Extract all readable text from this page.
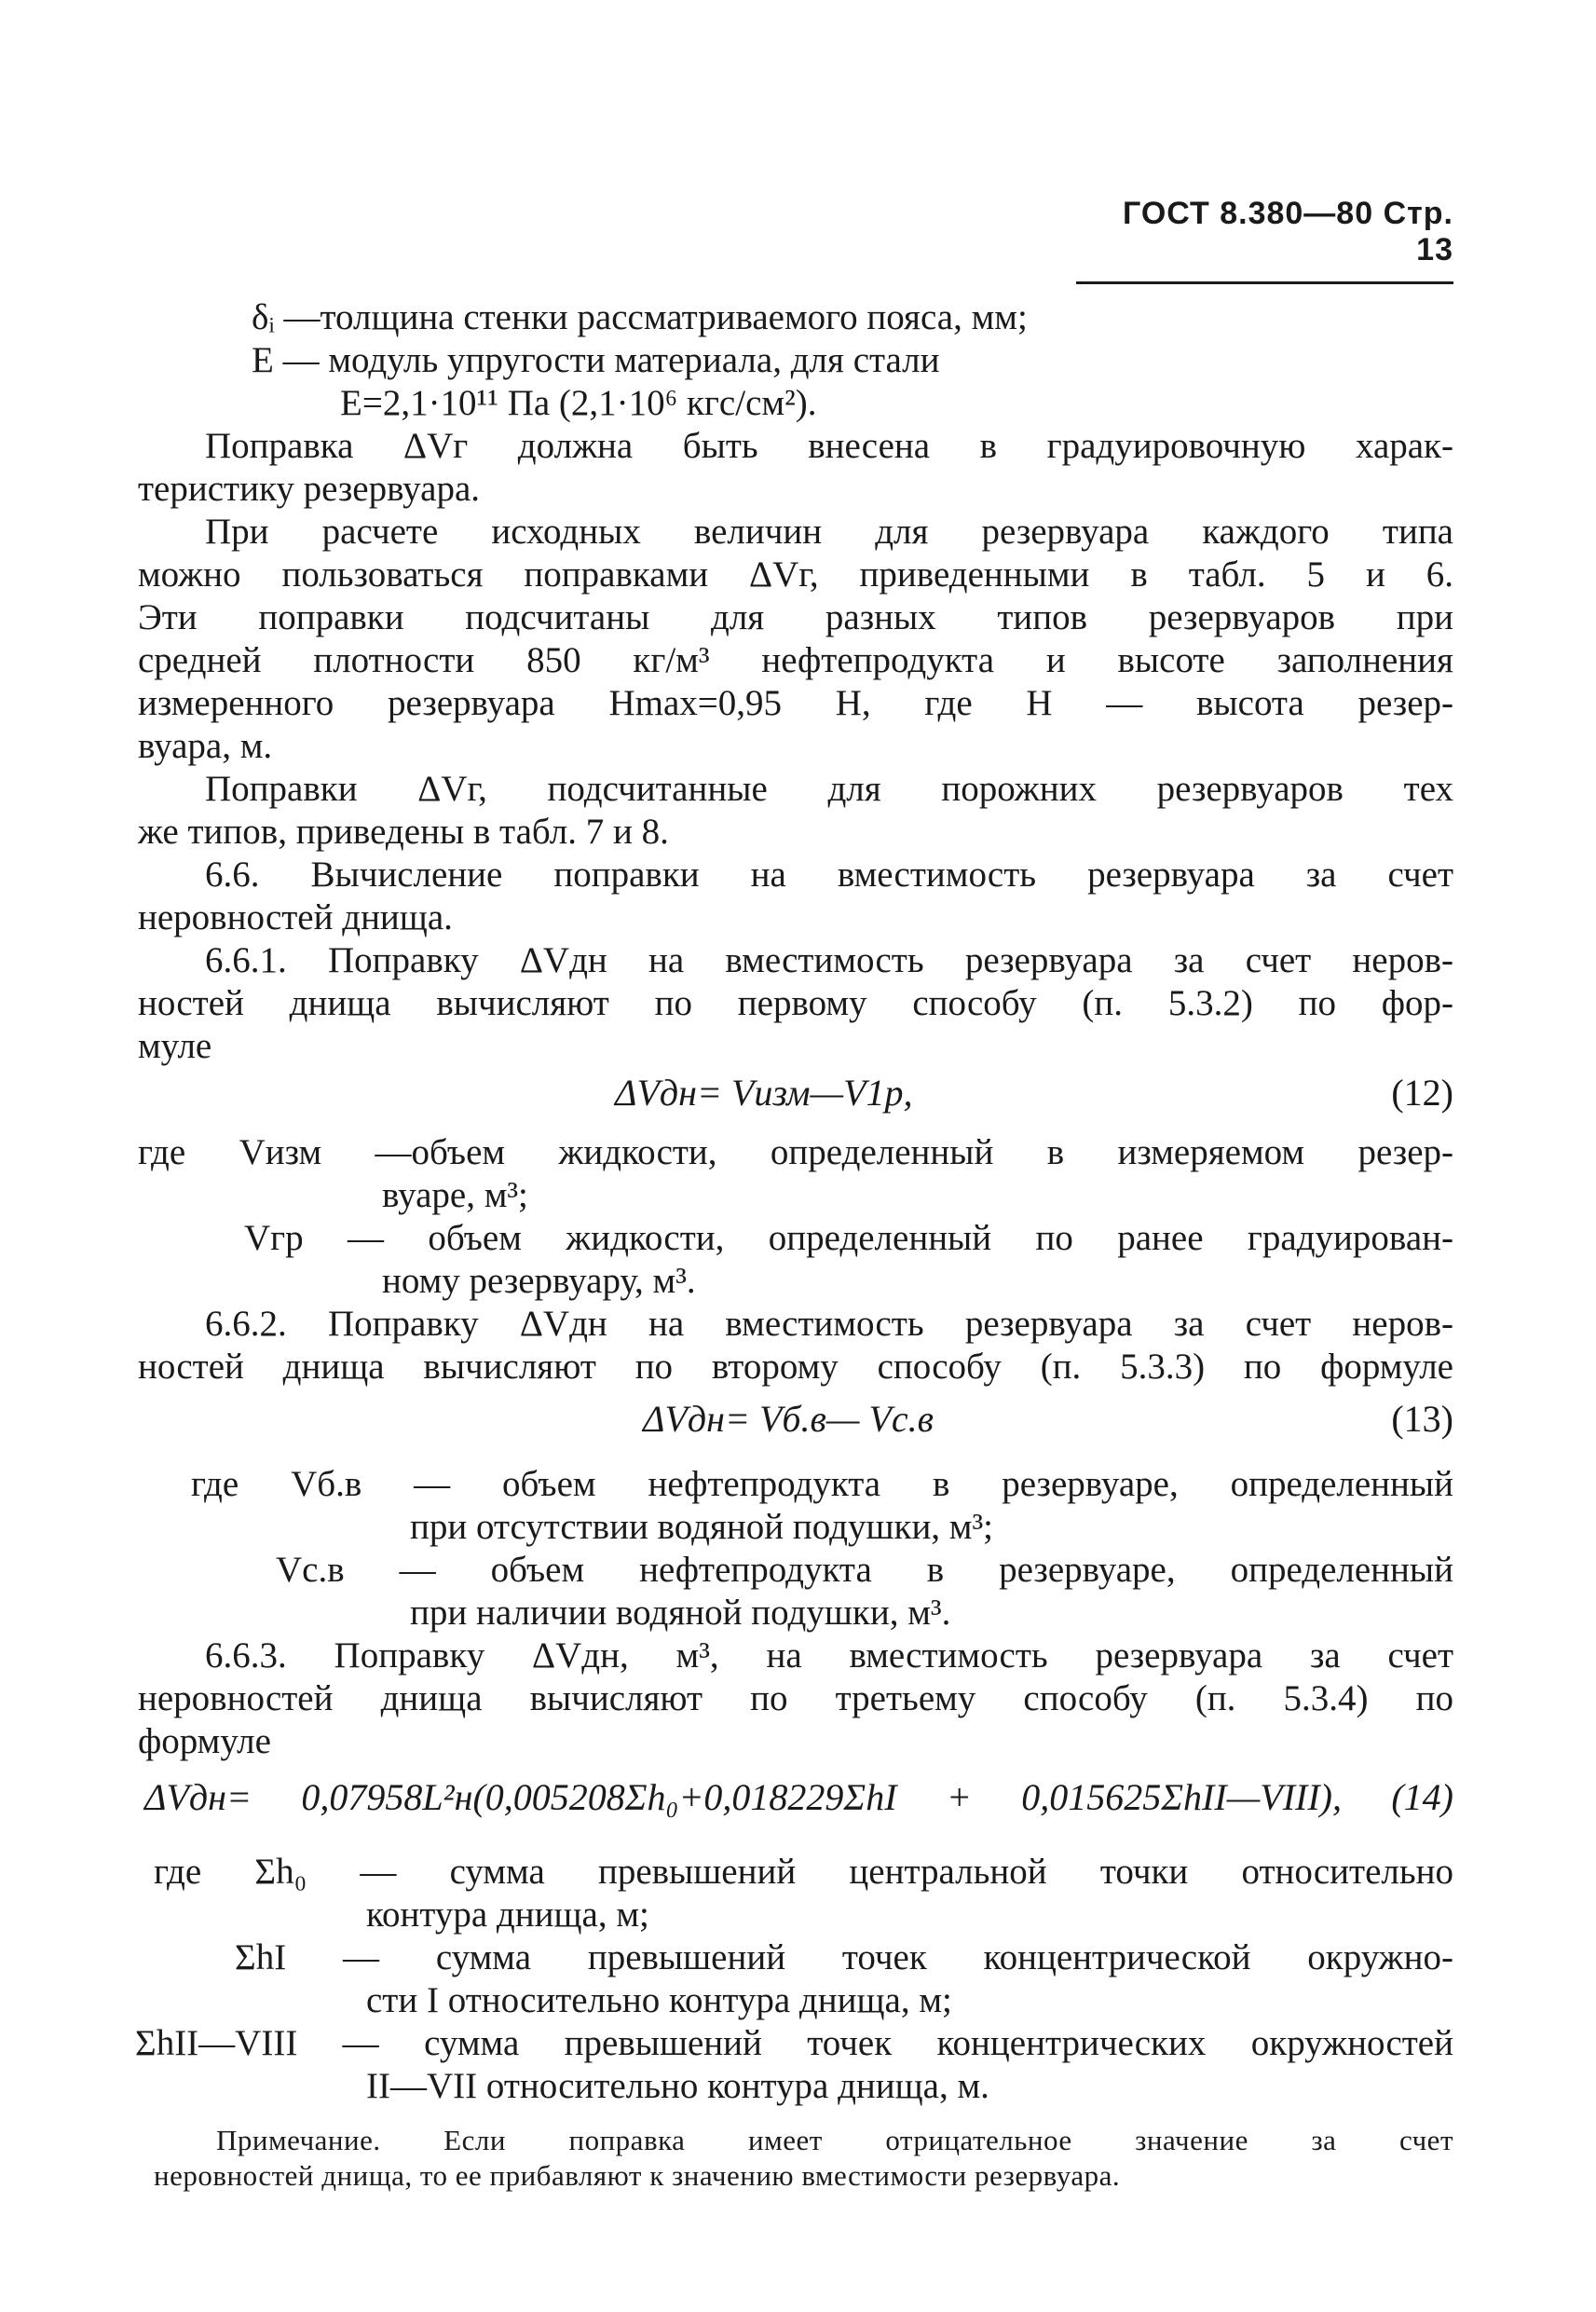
ГОСТ 8.380—80 Стр. 13
δᵢ —толщина стенки рассматриваемого пояса, мм;
E — модуль упругости материала, для стали
E=2,1·10¹¹ Па (2,1·10⁶ кгс/см²).
Поправка ΔVг должна быть внесена в градуировочную харак-
теристику резервуара.
При расчете исходных величин для резервуара каждого типа
можно пользоваться поправками ΔVг, приведенными в табл. 5 и 6.
Эти поправки подсчитаны для разных типов резервуаров при
средней плотности 850 кг/м³ нефтепродукта и высоте заполнения
измеренного резервуара Hmax=0,95 Н, где H — высота резер-
вуара, м.
Поправки ΔVг, подсчитанные для порожних резервуаров тех
же типов, приведены в табл. 7 и 8.
6.6. Вычисление поправки на вместимость резервуара за счет
неровностей днища.
6.6.1. Поправку ΔVдн на вместимость резервуара за счет неров-
ностей днища вычисляют по первому способу (п. 5.3.2) по фор-
муле
ΔVдн= Vизм—V1р,	(12)
где Vизм —объем жидкости, определенный в измеряемом резер-
вуаре, м³;
Vгр — объем жидкости, определенный по ранее градуирован-
ному резервуару, м³.
6.6.2. Поправку ΔVдн на вместимость резервуара за счет неров-
ностей днища вычисляют по второму способу (п. 5.3.3) по формуле
ΔVдн= Vб.в— Vс.в	(13)
где Vб.в — объем нефтепродукта в резервуаре, определенный
при отсутствии водяной подушки, м³;
Vс.в — объем нефтепродукта в резервуаре, определенный
при наличии водяной подушки, м³.
6.6.3. Поправку ΔVдн, м³, на вместимость резервуара за счет
неровностей днища вычисляют по третьему способу (п. 5.3.4) по
формуле
ΔVдн= 0,07958L²н(0,005208Σh₀+0,018229ΣhI + 0,015625ΣhII—VIII), (14)
где Σh₀ — сумма превышений центральной точки относительно
контура днища, м;
ΣhI — сумма превышений точек концентрической окружно-
сти I относительно контура днища, м;
ΣhII—VIII — сумма превышений точек концентрических окружностей
II—VII относительно контура днища, м.
Примечание. Если поправка имеет отрицательное значение за счет
неровностей днища, то ее прибавляют к значению вместимости резервуара.
